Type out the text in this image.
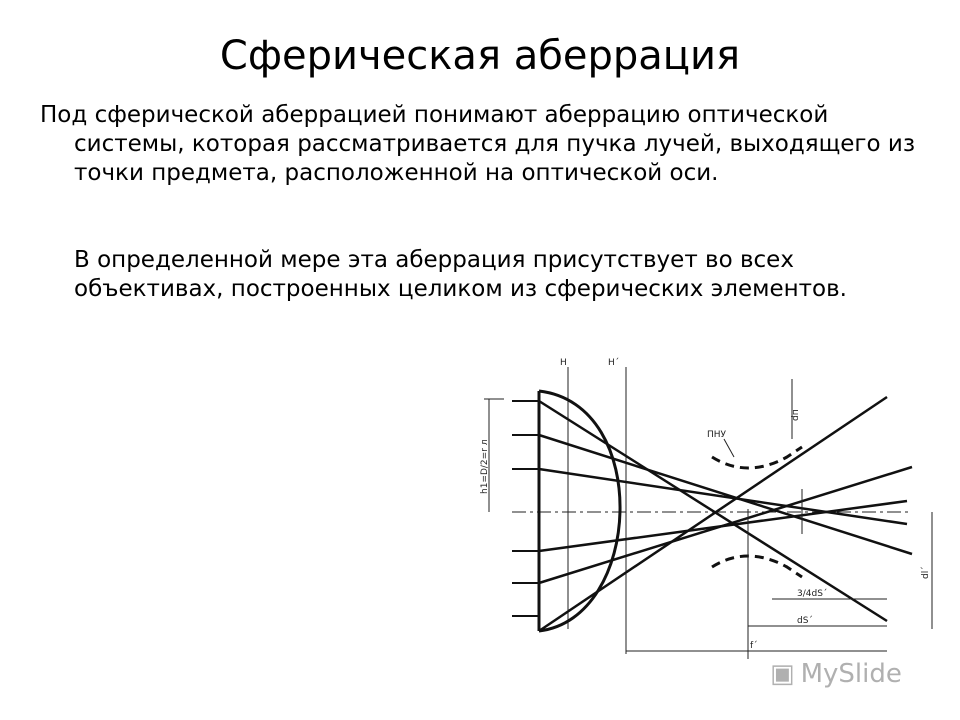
Сферическая аберрация
Под сферической аберрацией понимают аберрацию оптической системы, которая рассматривается для пучка лучей, выходящего из точки предмета, расположенной на оптической оси.
В определенной мере эта аберрация присутствует во всех объективах, построенных целиком из сферических элементов.
H	H´
h1=D/2=r л
dп
dl´
3/4dS´
dS´
f´
ПНУ
▣ MySlide
